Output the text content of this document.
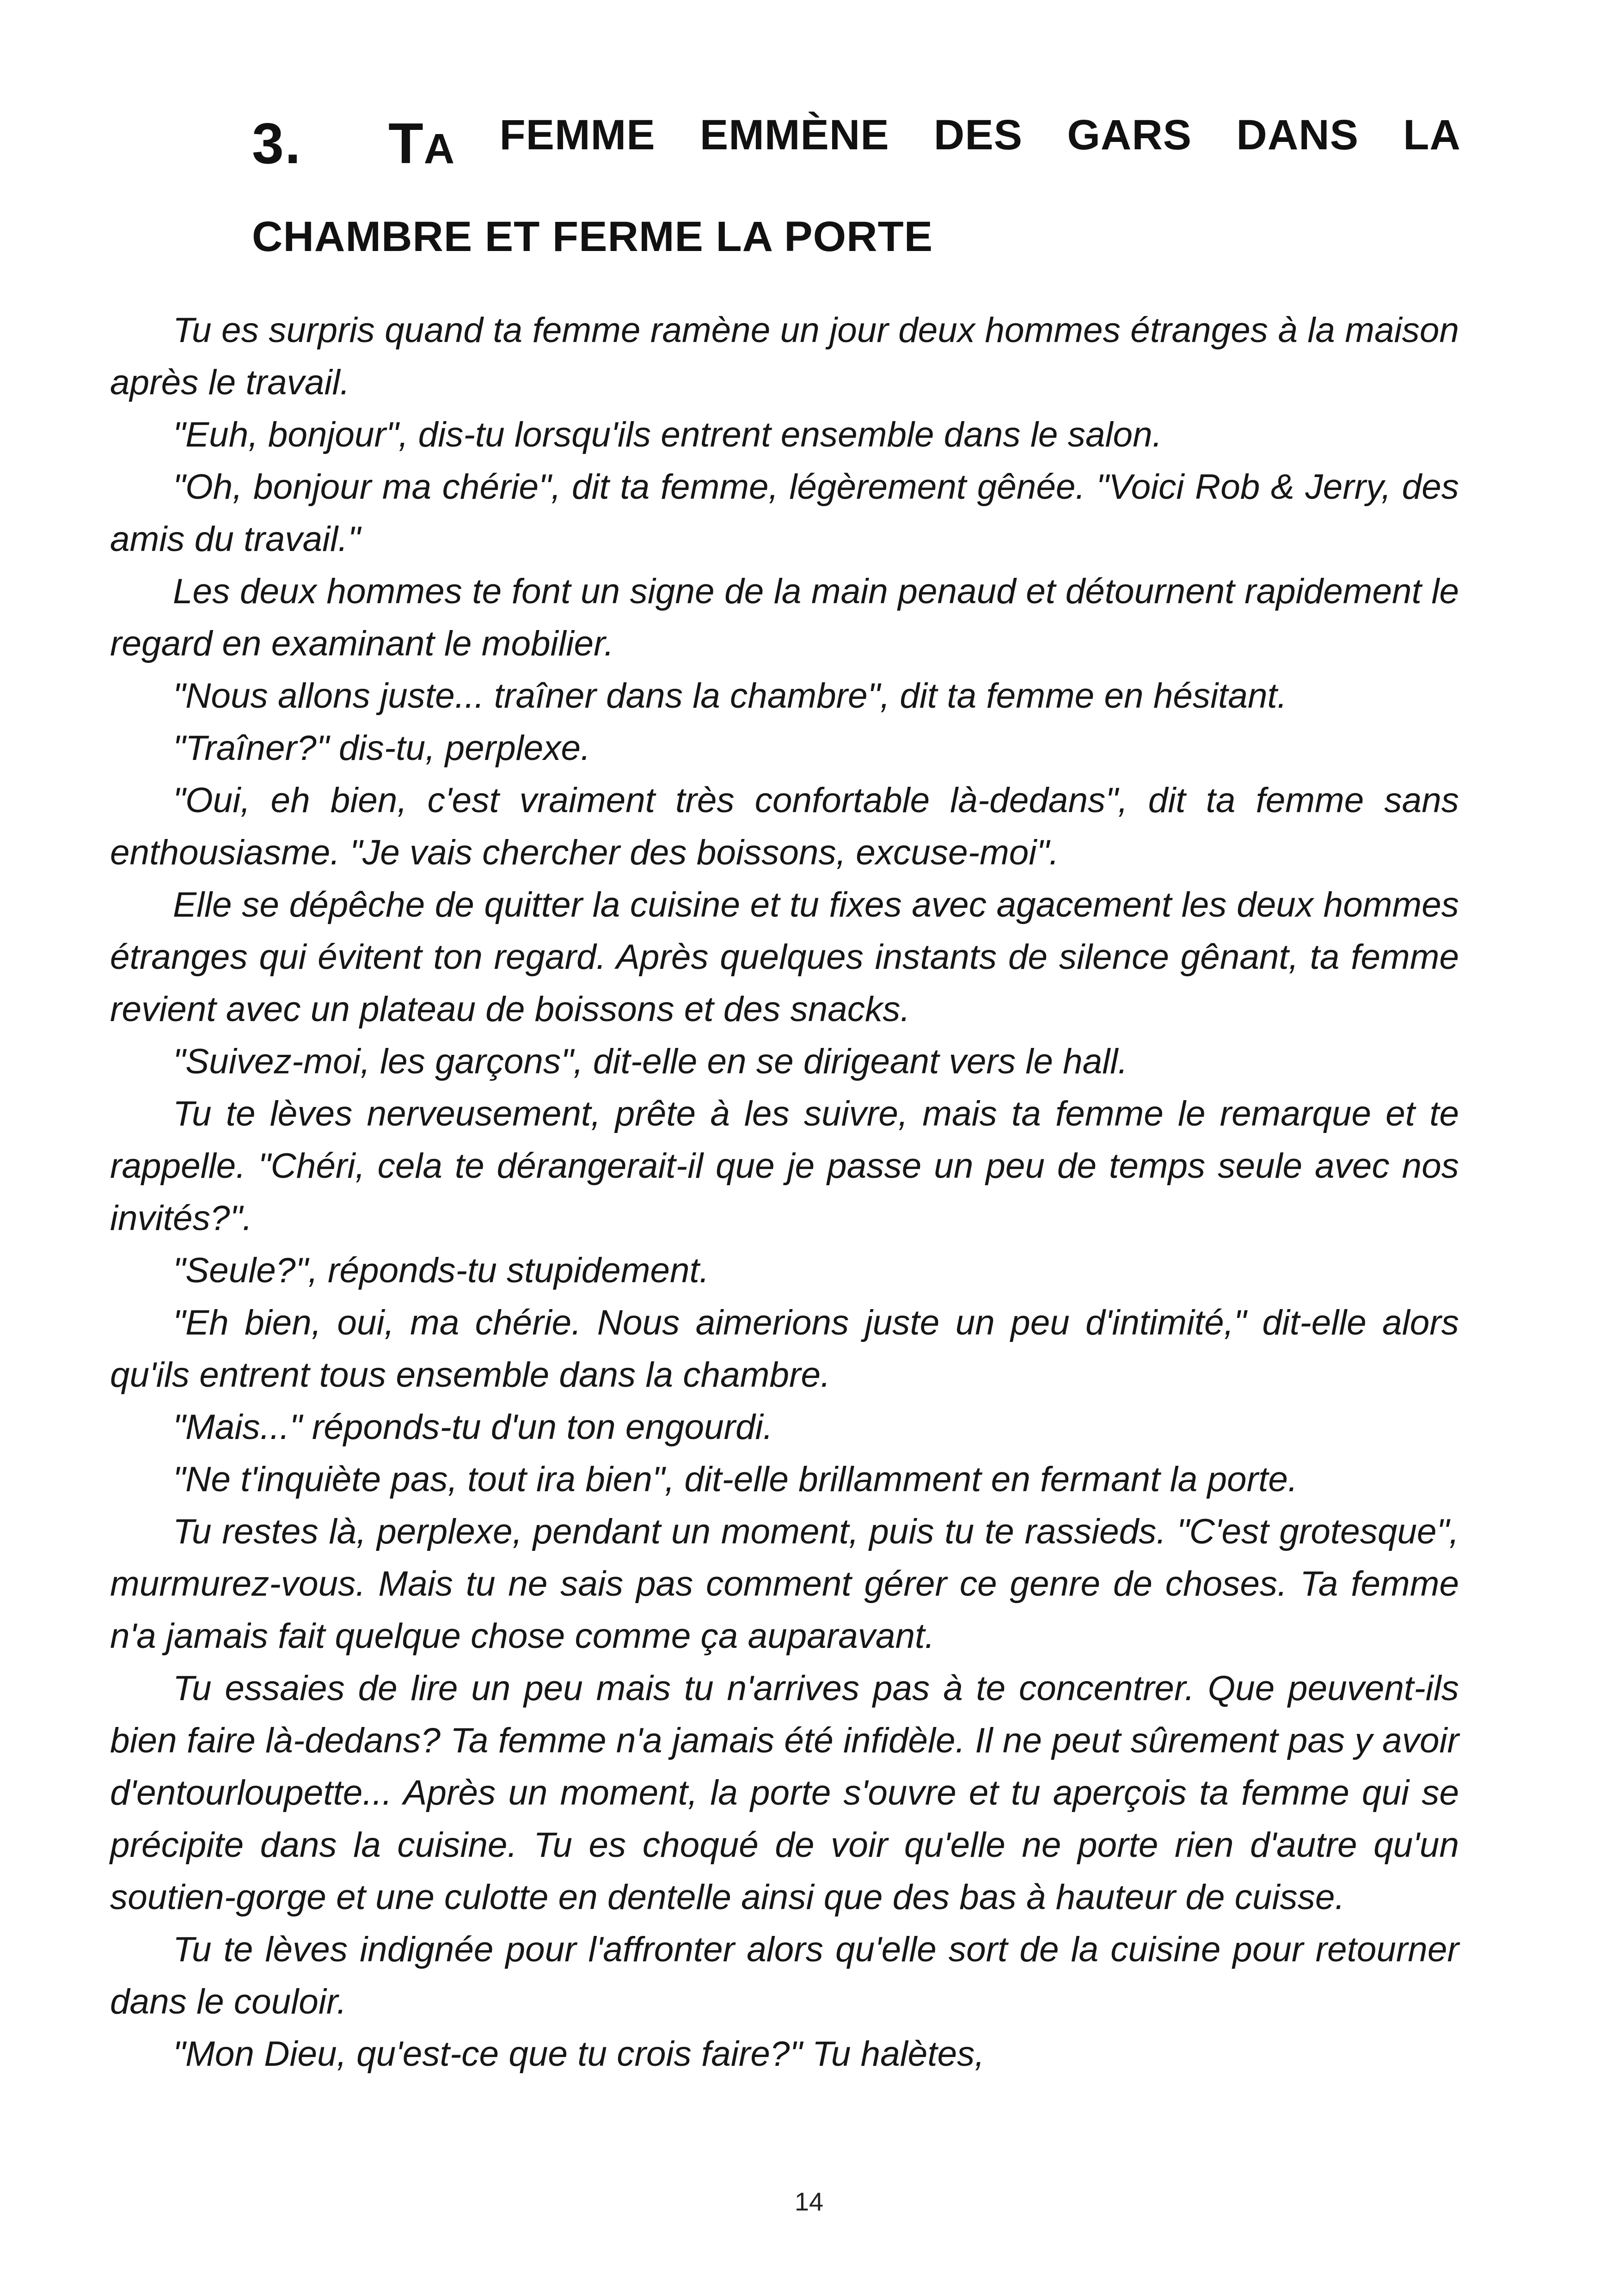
3.	TA FEMME EMMÈNE DES GARS DANS LA
CHAMBRE ET FERME LA PORTE

Tu es surpris quand ta femme ramène un jour deux hommes étranges à la maison après le travail.

"Euh, bonjour", dis-tu lorsqu'ils entrent ensemble dans le salon.

"Oh, bonjour ma chérie", dit ta femme, légèrement gênée. "Voici Rob & Jerry, des amis du travail."

Les deux hommes te font un signe de la main penaud et détournent rapidement le regard en examinant le mobilier.

"Nous allons juste... traîner dans la chambre", dit ta femme en hésitant.

"Traîner?" dis-tu, perplexe.

"Oui, eh bien, c'est vraiment très confortable là-dedans", dit ta femme sans enthousiasme. "Je vais chercher des boissons, excuse-moi".

Elle se dépêche de quitter la cuisine et tu fixes avec agacement les deux hommes étranges qui évitent ton regard. Après quelques instants de silence gênant, ta femme revient avec un plateau de boissons et des snacks.

"Suivez-moi, les garçons", dit-elle en se dirigeant vers le hall.

Tu te lèves nerveusement, prête à les suivre, mais ta femme le remarque et te rappelle. "Chéri, cela te dérangerait-il que je passe un peu de temps seule avec nos invités?".

"Seule?", réponds-tu stupidement.

"Eh bien, oui, ma chérie. Nous aimerions juste un peu d'intimité," dit-elle alors qu'ils entrent tous ensemble dans la chambre.

"Mais..." réponds-tu d'un ton engourdi.

"Ne t'inquiète pas, tout ira bien", dit-elle brillamment en fermant la porte.

Tu restes là, perplexe, pendant un moment, puis tu te rassieds. "C'est grotesque", murmurez-vous. Mais tu ne sais pas comment gérer ce genre de choses. Ta femme n'a jamais fait quelque chose comme ça auparavant.

Tu essaies de lire un peu mais tu n'arrives pas à te concentrer. Que peuvent-ils bien faire là-dedans? Ta femme n'a jamais été infidèle. Il ne peut sûrement pas y avoir d'entourloupette... Après un moment, la porte s'ouvre et tu aperçois ta femme qui se précipite dans la cuisine. Tu es choqué de voir qu'elle ne porte rien d'autre qu'un soutien-gorge et une culotte en dentelle ainsi que des bas à hauteur de cuisse.

Tu te lèves indignée pour l'affronter alors qu'elle sort de la cuisine pour retourner dans le couloir.

"Mon Dieu, qu'est-ce que tu crois faire?" Tu halètes,

14
